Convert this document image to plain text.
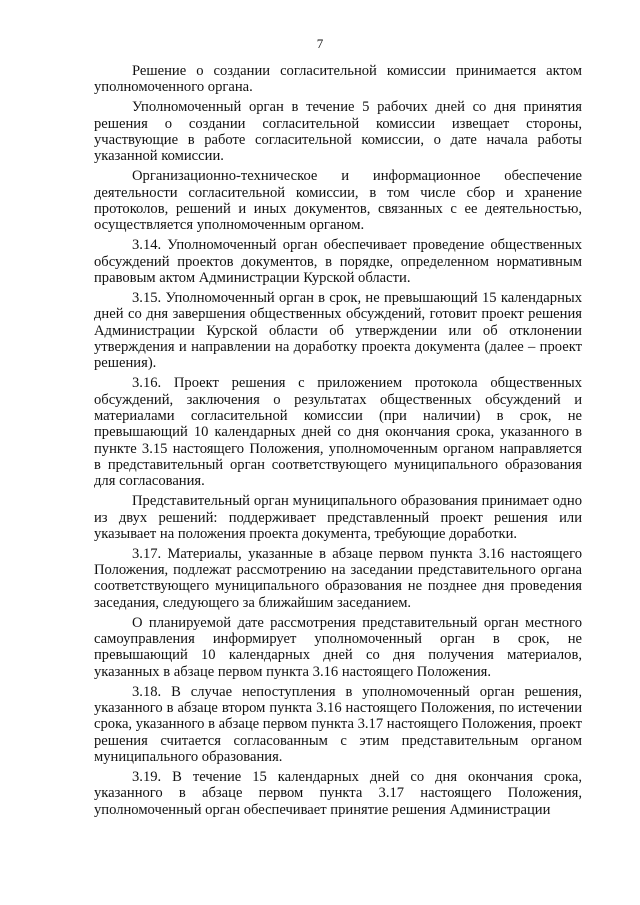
7

Решение о создании согласительной комиссии принимается актом уполномоченного органа.

Уполномоченный орган в течение 5 рабочих дней со дня принятия решения о создании согласительной комиссии извещает стороны, участвующие в работе согласительной комиссии, о дате начала работы указанной комиссии.

Организационно-техническое и информационное обеспечение деятельности согласительной комиссии, в том числе сбор и хранение протоколов, решений и иных документов, связанных с ее деятельностью, осуществляется уполномоченным органом.

3.14. Уполномоченный орган обеспечивает проведение общественных обсуждений проектов документов, в порядке, определенном нормативным правовым актом Администрации Курской области.

3.15. Уполномоченный орган в срок, не превышающий 15 календарных дней со дня завершения общественных обсуждений, готовит проект решения Администрации Курской области об утверждении или об отклонении утверждения и направлении на доработку проекта документа (далее – проект решения).

3.16. Проект решения с приложением протокола общественных обсуждений, заключения о результатах общественных обсуждений и материалами согласительной комиссии (при наличии) в срок, не превышающий 10 календарных дней со дня окончания срока, указанного в пункте 3.15 настоящего Положения, уполномоченным органом направляется в представительный орган соответствующего муниципального образования для согласования.

Представительный орган муниципального образования принимает одно из двух решений: поддерживает представленный проект решения или указывает на положения проекта документа, требующие доработки.

3.17. Материалы, указанные в абзаце первом пункта 3.16 настоящего Положения, подлежат рассмотрению на заседании представительного органа соответствующего муниципального образования не позднее дня проведения заседания, следующего за ближайшим заседанием.

О планируемой дате рассмотрения представительный орган местного самоуправления информирует уполномоченный орган в срок, не превышающий 10 календарных дней со дня получения материалов, указанных в абзаце первом пункта 3.16 настоящего Положения.

3.18. В случае непоступления в уполномоченный орган решения, указанного в абзаце втором пункта 3.16 настоящего Положения, по истечении срока, указанного в абзаце первом пункта 3.17 настоящего Положения, проект решения считается согласованным с этим представительным органом муниципального образования.

3.19. В течение 15 календарных дней со дня окончания срока, указанного в абзаце первом пункта 3.17 настоящего Положения, уполномоченный орган обеспечивает принятие решения Администрации
